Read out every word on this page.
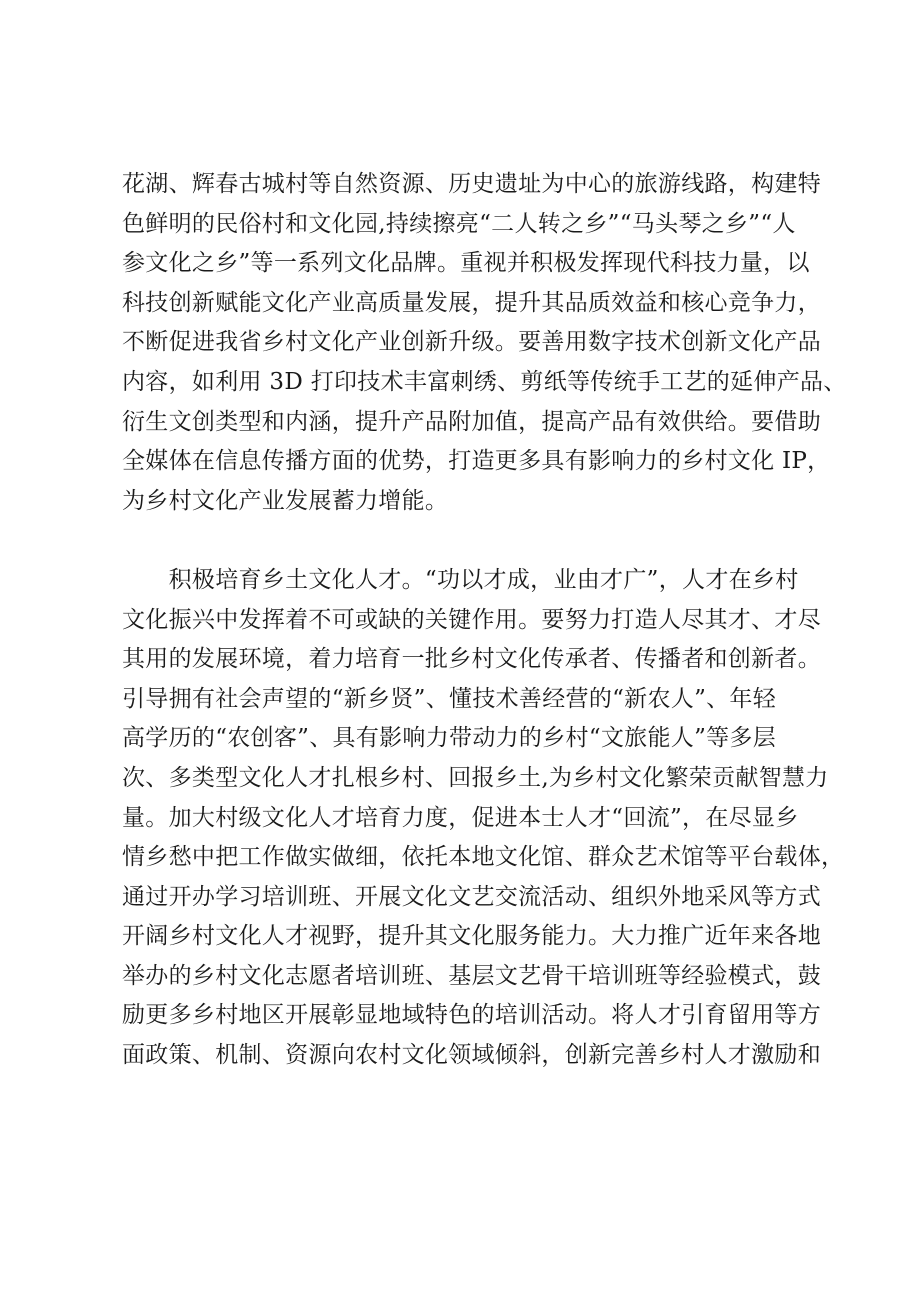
花湖、辉春古城村等自然资源、历史遗址为中心的旅游线路，构建特
色鲜明的民俗村和文化园,持续擦亮“二人转之乡”“马头琴之乡”“人
参文化之乡”等一系列文化品牌。重视并积极发挥现代科技力量，以
科技创新赋能文化产业高质量发展，提升其品质效益和核心竞争力，
不断促进我省乡村文化产业创新升级。要善用数字技术创新文化产品
内容，如利用 3D 打印技术丰富刺绣、剪纸等传统手工艺的延伸产品、
衍生文创类型和内涵，提升产品附加值，提高产品有效供给。要借助
全媒体在信息传播方面的优势，打造更多具有影响力的乡村文化 IP，
为乡村文化产业发展蓄力增能。
　　积极培育乡土文化人才。“功以才成，业由才广”，人才在乡村
文化振兴中发挥着不可或缺的关键作用。要努力打造人尽其才、才尽
其用的发展环境，着力培育一批乡村文化传承者、传播者和创新者。
引导拥有社会声望的“新乡贤”、懂技术善经营的“新农人”、年轻
高学历的“农创客”、具有影响力带动力的乡村“文旅能人”等多层
次、多类型文化人才扎根乡村、回报乡土,为乡村文化繁荣贡献智慧力
量。加大村级文化人才培育力度，促进本士人才“回流”，在尽显乡
情乡愁中把工作做实做细，依托本地文化馆、群众艺术馆等平台载体，
通过开办学习培训班、开展文化文艺交流活动、组织外地采风等方式
开阔乡村文化人才视野，提升其文化服务能力。大力推广近年来各地
举办的乡村文化志愿者培训班、基层文艺骨干培训班等经验模式，鼓
励更多乡村地区开展彰显地域特色的培训活动。将人才引育留用等方
面政策、机制、资源向农村文化领域倾斜，创新完善乡村人才激励和
